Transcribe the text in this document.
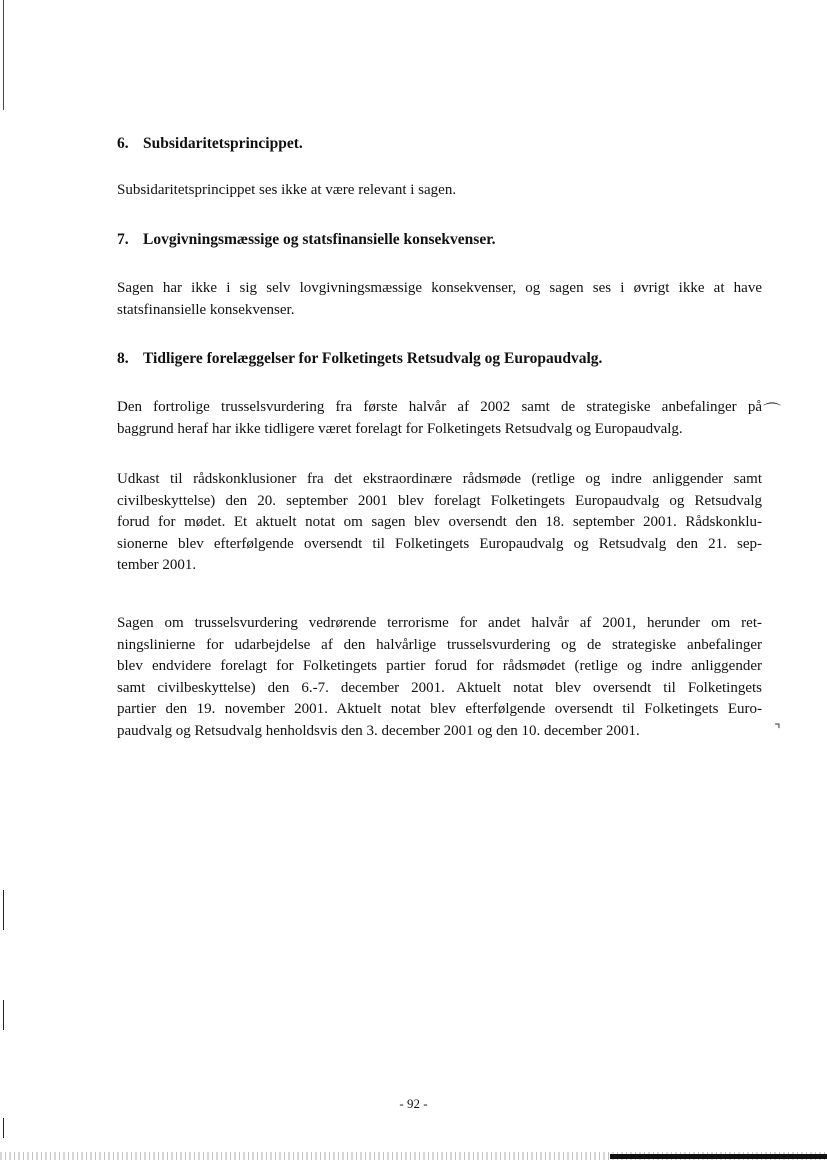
6. Subsidaritetsprincippet.
Subsidaritetsprincippet ses ikke at være relevant i sagen.
7. Lovgivningsmæssige og statsfinansielle konsekvenser.
Sagen har ikke i sig selv lovgivningsmæssige konsekvenser, og sagen ses i øvrigt ikke at have
statsfinansielle konsekvenser.
8. Tidligere forelæggelser for Folketingets Retsudvalg og Europaudvalg.
Den fortrolige trusselsvurdering fra første halvår af 2002 samt de strategiske anbefalinger på
baggrund heraf har ikke tidligere været forelagt for Folketingets Retsudvalg og Europaudvalg.
Udkast til rådskonklusioner fra det ekstraordinære rådsmøde (retlige og indre anliggender samt
civilbeskyttelse) den 20. september 2001 blev forelagt Folketingets Europaudvalg og Retsudvalg
forud for mødet. Et aktuelt notat om sagen blev oversendt den 18. september 2001. Rådskonklu-
sionerne blev efterfølgende oversendt til Folketingets Europaudvalg og Retsudvalg den 21. sep-
tember 2001.
Sagen om trusselsvurdering vedrørende terrorisme for andet halvår af 2001, herunder om ret-
ningslinierne for udarbejdelse af den halvårlige trusselsvurdering og de strategiske anbefalinger
blev endvidere forelagt for Folketingets partier forud for rådsmødet (retlige og indre anliggender
samt civilbeskyttelse) den 6.-7. december 2001. Aktuelt notat blev oversendt til Folketingets
partier den 19. november 2001. Aktuelt notat blev efterfølgende oversendt til Folketingets Euro-
paudvalg og Retsudvalg henholdsvis den 3. december 2001 og den 10. december 2001.
- 92 -
⌒
⌝
